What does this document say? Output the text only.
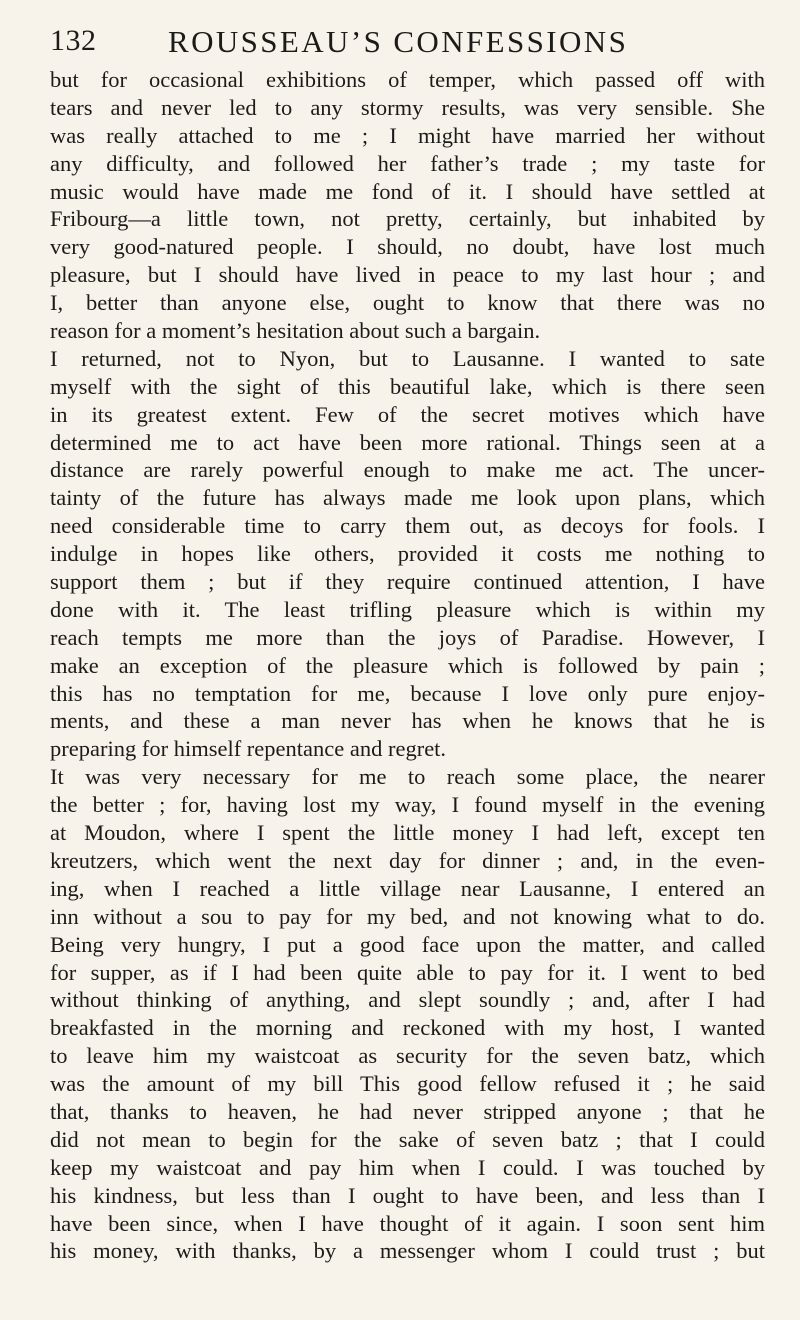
132 ROUSSEAU’S CONFESSIONS
but for occasional exhibitions of temper, which passed off with
tears and never led to any stormy results, was very sensible. She
was really attached to me ; I might have married her without
any difficulty, and followed her father’s trade ; my taste for
music would have made me fond of it. I should have settled at
Fribourg—a little town, not pretty, certainly, but inhabited by
very good-natured people. I should, no doubt, have lost much
pleasure, but I should have lived in peace to my last hour ; and
I, better than anyone else, ought to know that there was no
reason for a moment’s hesitation about such a bargain.
I returned, not to Nyon, but to Lausanne. I wanted to sate
myself with the sight of this beautiful lake, which is there seen
in its greatest extent. Few of the secret motives which have
determined me to act have been more rational. Things seen at a
distance are rarely powerful enough to make me act. The uncer-
tainty of the future has always made me look upon plans, which
need considerable time to carry them out, as decoys for fools. I
indulge in hopes like others, provided it costs me nothing to
support them ; but if they require continued attention, I have
done with it. The least trifling pleasure which is within my
reach tempts me more than the joys of Paradise. However, I
make an exception of the pleasure which is followed by pain ;
this has no temptation for me, because I love only pure enjoy-
ments, and these a man never has when he knows that he is
preparing for himself repentance and regret.
It was very necessary for me to reach some place, the nearer
the better ; for, having lost my way, I found myself in the evening
at Moudon, where I spent the little money I had left, except ten
kreutzers, which went the next day for dinner ; and, in the even-
ing, when I reached a little village near Lausanne, I entered an
inn without a sou to pay for my bed, and not knowing what to do.
Being very hungry, I put a good face upon the matter, and called
for supper, as if I had been quite able to pay for it. I went to bed
without thinking of anything, and slept soundly ; and, after I had
breakfasted in the morning and reckoned with my host, I wanted
to leave him my waistcoat as security for the seven batz, which
was the amount of my bill This good fellow refused it ; he said
that, thanks to heaven, he had never stripped anyone ; that he
did not mean to begin for the sake of seven batz ; that I could
keep my waistcoat and pay him when I could. I was touched by
his kindness, but less than I ought to have been, and less than I
have been since, when I have thought of it again. I soon sent him
his money, with thanks, by a messenger whom I could trust ; but
